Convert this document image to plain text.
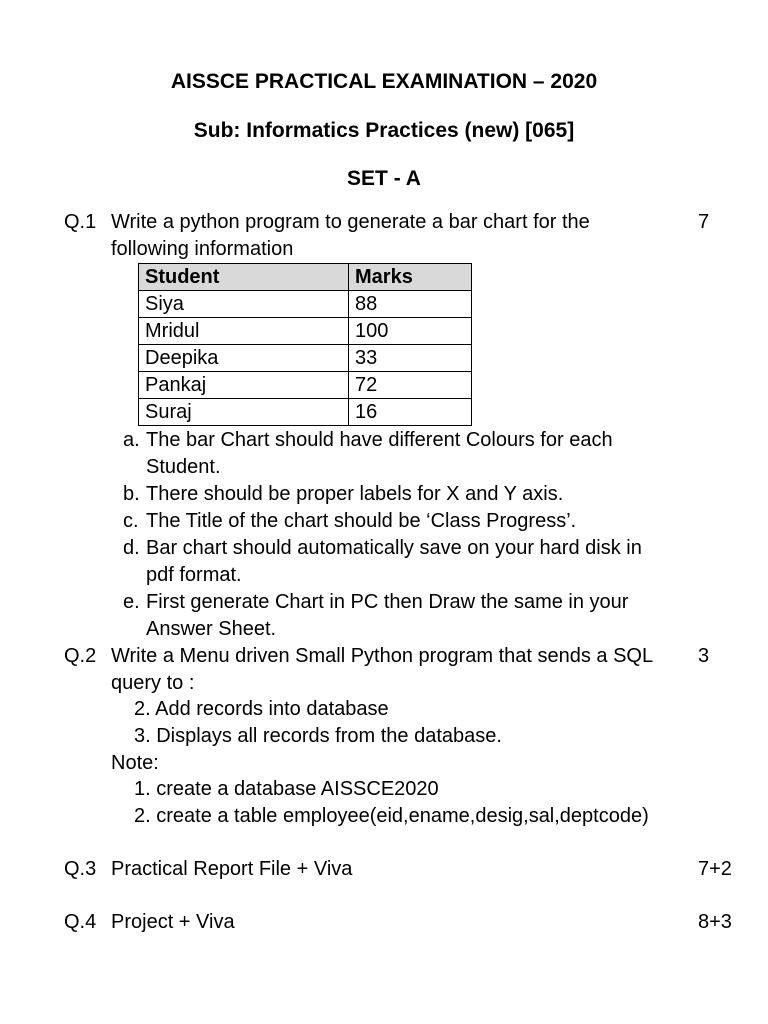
AISSCE PRACTICAL EXAMINATION – 2020
Sub: Informatics Practices (new) [065]
SET - A
Q.1 Write a python program to generate a bar chart for the	7
following information
Student	Marks
Siya	88
Mridul	100
Deepika	33
Pankaj	72
Suraj	16
a. The bar Chart should have different Colours for each
Student.
b. There should be proper labels for X and Y axis.
c. The Title of the chart should be ‘Class Progress’.
d. Bar chart should automatically save on your hard disk in
pdf format.
e. First generate Chart in PC then Draw the same in your
Answer Sheet.
Q.2 Write a Menu driven Small Python program that sends a SQL 3
query to :
2. Add records into database
3. Displays all records from the database.
Note:
1. create a database AISSCE2020
2. create a table employee(eid,ename,desig,sal,deptcode)
Q.3 Practical Report File + Viva	7+2
Q.4 Project + Viva	8+3
